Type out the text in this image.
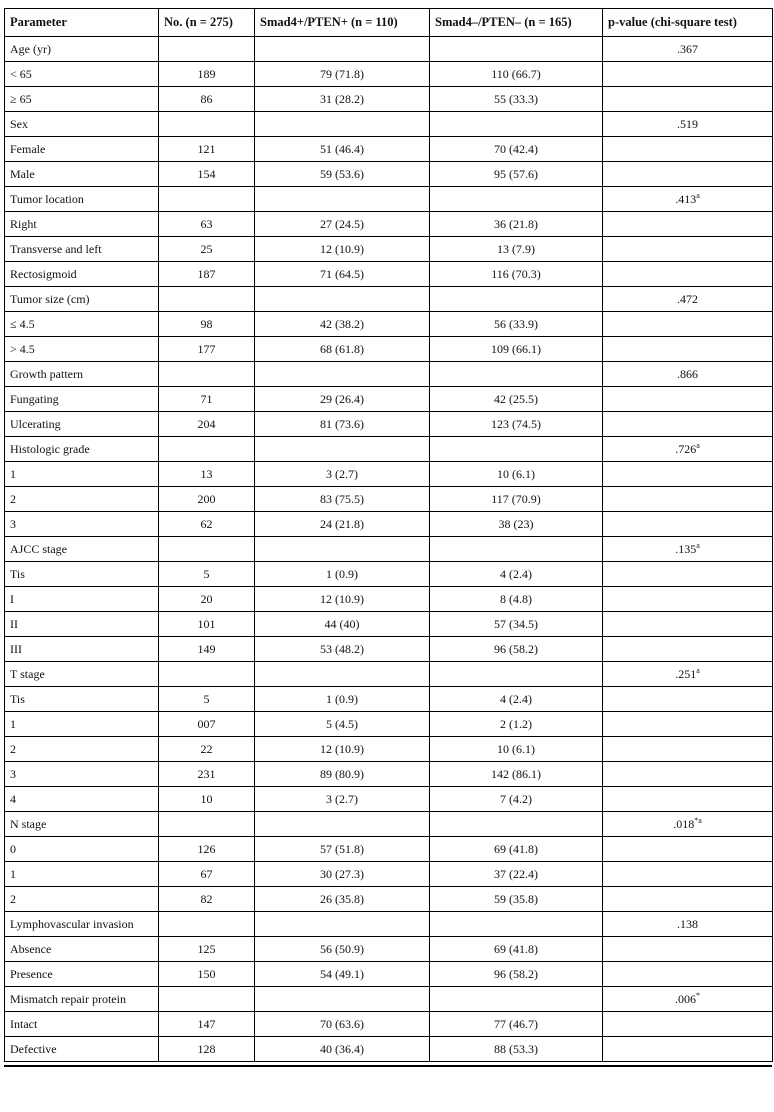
Parameter	No. (n = 275)	Smad4+/PTEN+ (n = 110)	Smad4–/PTEN– (n = 165)	p-value (chi-square test)
Age (yr)				.367
< 65	189	79 (71.8)	110 (66.7)	
≥ 65	86	31 (28.2)	55 (33.3)	
Sex				.519
Female	121	51 (46.4)	70 (42.4)	
Male	154	59 (53.6)	95 (57.6)	
Tumor location				.413$^a$
Right	63	27 (24.5)	36 (21.8)	
Transverse and left	25	12 (10.9)	13 (7.9)	
Rectosigmoid	187	71 (64.5)	116 (70.3)	
Tumor size (cm)				.472
≤ 4.5	98	42 (38.2)	56 (33.9)	
> 4.5	177	68 (61.8)	109 (66.1)	
Growth pattern				.866
Fungating	71	29 (26.4)	42 (25.5)	
Ulcerating	204	81 (73.6)	123 (74.5)	
Histologic grade				.726$^a$
1	13	3 (2.7)	10 (6.1)	
2	200	83 (75.5)	117 (70.9)	
3	62	24 (21.8)	38 (23)	
AJCC stage				.135$^a$
Tis	5	1 (0.9)	4 (2.4)	
I	20	12 (10.9)	8 (4.8)	
II	101	44 (40)	57 (34.5)	
III	149	53 (48.2)	96 (58.2)	
T stage				.251$^a$
Tis	5	1 (0.9)	4 (2.4)	
1	007	5 (4.5)	2 (1.2)	
2	22	12 (10.9)	10 (6.1)	
3	231	89 (80.9)	142 (86.1)	
4	10	3 (2.7)	7 (4.2)	
N stage				.018$^{*a}$
0	126	57 (51.8)	69 (41.8)	
1	67	30 (27.3)	37 (22.4)	
2	82	26 (35.8)	59 (35.8)	
Lymphovascular invasion				.138
Absence	125	56 (50.9)	69 (41.8)	
Presence	150	54 (49.1)	96 (58.2)	
Mismatch repair protein				.006*
Intact	147	70 (63.6)	77 (46.7)	
Defective	128	40 (36.4)	88 (53.3)	
